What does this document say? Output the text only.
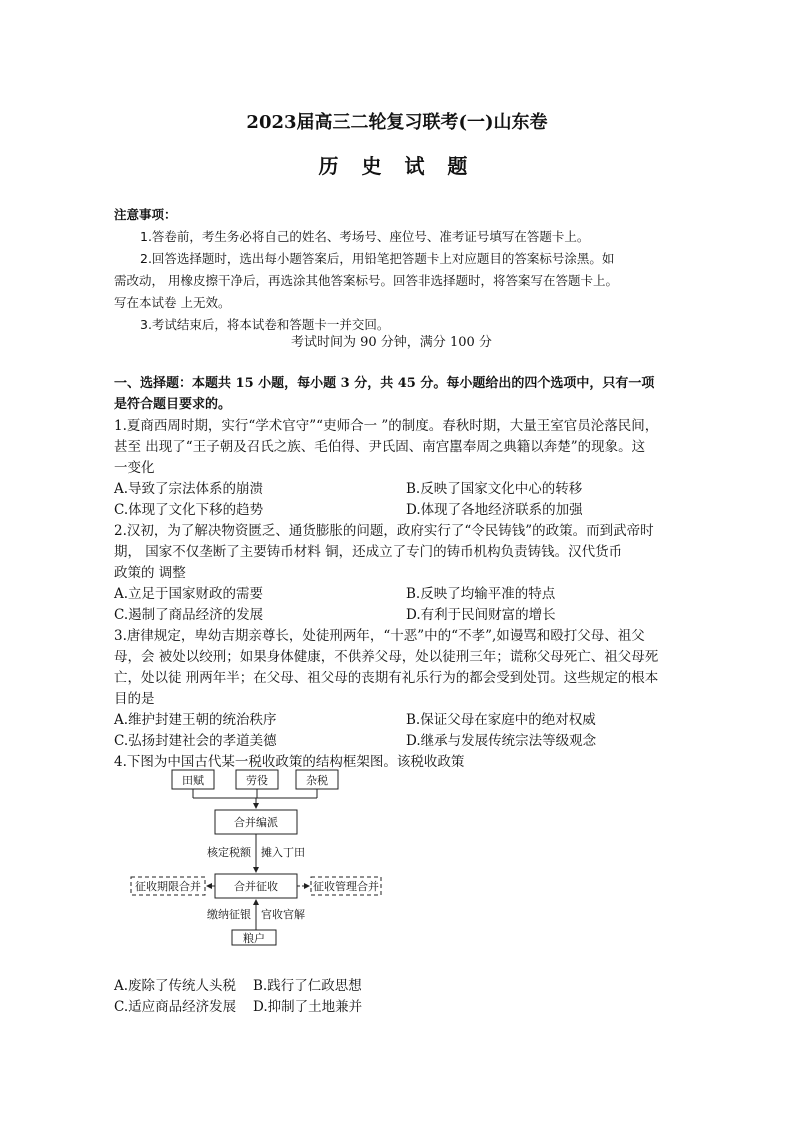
2023届高三二轮复习联考(一)山东卷
历 史 试 题
注意事项：
1.答卷前，考生务必将自己的姓名、考场号、座位号、准考证号填写在答题卡上。
2.回答选择题时，选出每小题答案后，用铅笔把答题卡上对应题目的答案标号涂黑。如
需改动， 用橡皮擦干净后，再选涂其他答案标号。回答非选择题时，将答案写在答题卡上。
写在本试卷 上无效。
3.考试结束后，将本试卷和答题卡一并交回。
考试时间为 90 分钟，满分 100 分
一、选择题：本题共 15 小题，每小题 3 分，共 45 分。每小题给出的四个选项中，只有一项
是符合题目要求的。
1.夏商西周时期，实行“学术官守”“吏师合一 ”的制度。春秋时期，大量王室官员沦落民间，
甚至 出现了“王子朝及召氏之族、毛伯得、尹氏固、南宫嚚奉周之典籍以奔楚”的现象。这
一变化
A.导致了宗法体系的崩溃	B.反映了国家文化中心的转移
C.体现了文化下移的趋势	D.体现了各地经济联系的加强
2.汉初，为了解决物资匮乏、通货膨胀的问题，政府实行了“令民铸钱”的政策。而到武帝时
期， 国家不仅垄断了主要铸币材料 铜，还成立了专门的铸币机构负责铸钱。汉代货币
政策的 调整
A.立足于国家财政的需要	B.反映了均输平准的特点
C.遏制了商品经济的发展	D.有利于民间财富的增长
3.唐律规定，卑幼吉期亲尊长，处徒刑两年，“十恶”中的“不孝”,如谩骂和殴打父母、祖父
母，会 被处以绞刑；如果身体健康，不供养父母，处以徒刑三年；谎称父母死亡、祖父母死
亡，处以徒 刑两年半；在父母、祖父母的丧期有礼乐行为的都会受到处罚。这些规定的根本
目的是
A.维护封建王朝的统治秩序	B.保证父母在家庭中的绝对权威
C.弘扬封建社会的孝道美德	D.继承与发展传统宗法等级观念
4.下图为中国古代某一税收政策的结构框架图。该税收政策
田赋	劳役	杂税
合并编派
核定税额 摊入丁田
合并征收
征收期限合并	征收管理合并
缴纳征银 官收官解
粮户
A.废除了传统人头税 B.践行了仁政思想
C.适应商品经济发展 D.抑制了土地兼并
